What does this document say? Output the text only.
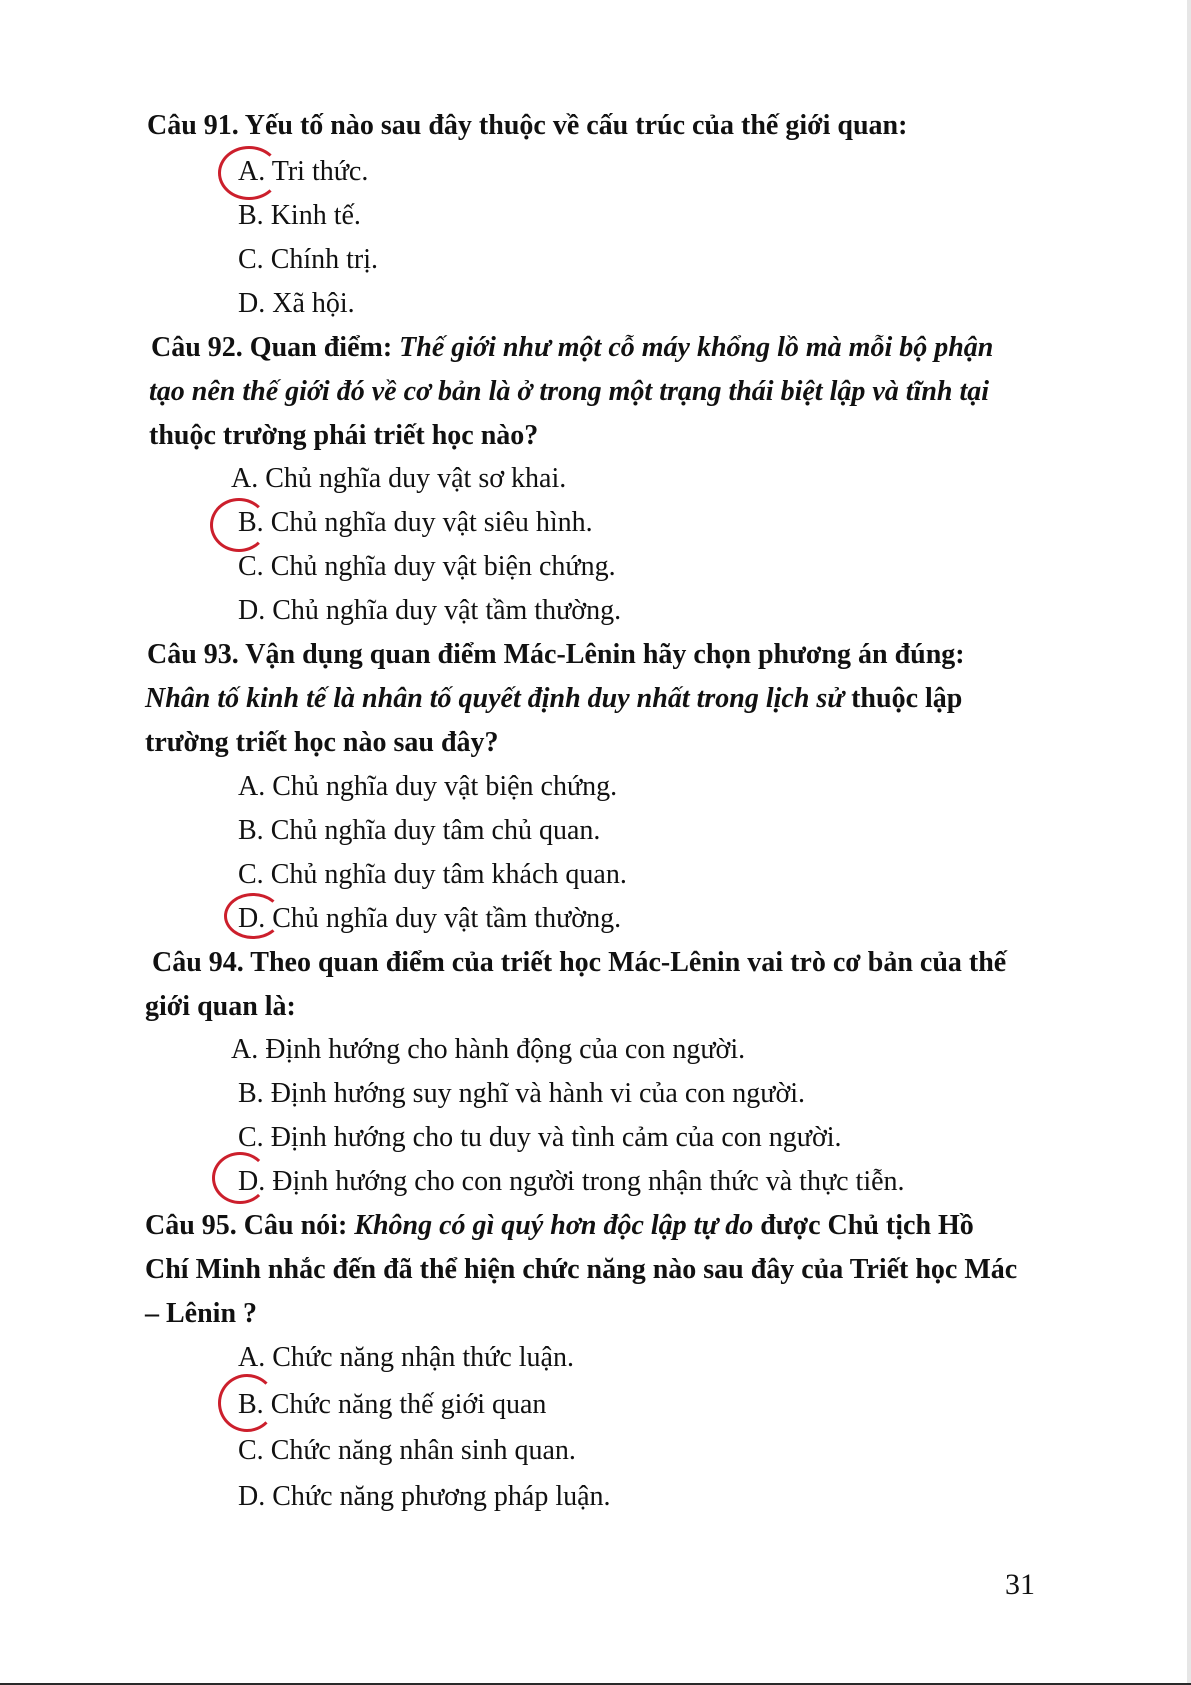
Câu 91. Yếu tố nào sau đây thuộc về cấu trúc của thế giới quan:
A. Tri thức.
B. Kinh tế.
C. Chính trị.
D. Xã hội.
Câu 92. Quan điểm: Thế giới như một cỗ máy khổng lồ mà mỗi bộ phận
tạo nên thế giới đó về cơ bản là ở trong một trạng thái biệt lập và tĩnh tại
thuộc trường phái triết học nào?
A. Chủ nghĩa duy vật sơ khai.
B. Chủ nghĩa duy vật siêu hình.
C. Chủ nghĩa duy vật biện chứng.
D. Chủ nghĩa duy vật tầm thường.
Câu 93. Vận dụng quan điểm Mác-Lênin hãy chọn phương án đúng:
Nhân tố kinh tế là nhân tố quyết định duy nhất trong lịch sử thuộc lập
trường triết học nào sau đây?
A. Chủ nghĩa duy vật biện chứng.
B. Chủ nghĩa duy tâm chủ quan.
C. Chủ nghĩa duy tâm khách quan.
D. Chủ nghĩa duy vật tầm thường.
Câu 94. Theo quan điểm của triết học Mác-Lênin vai trò cơ bản của thế
giới quan là:
A. Định hướng cho hành động của con người.
B. Định hướng suy nghĩ và hành vi của con người.
C. Định hướng cho tu duy và tình cảm của con người.
D. Định hướng cho con người trong nhận thức và thực tiễn.
Câu 95. Câu nói: Không có gì quý hơn độc lập tự do được Chủ tịch Hồ
Chí Minh nhắc đến đã thể hiện chức năng nào sau đây của Triết học Mác
– Lênin ?
A. Chức năng nhận thức luận.
B. Chức năng thế giới quan
C. Chức năng nhân sinh quan.
D. Chức năng phương pháp luận.
31
